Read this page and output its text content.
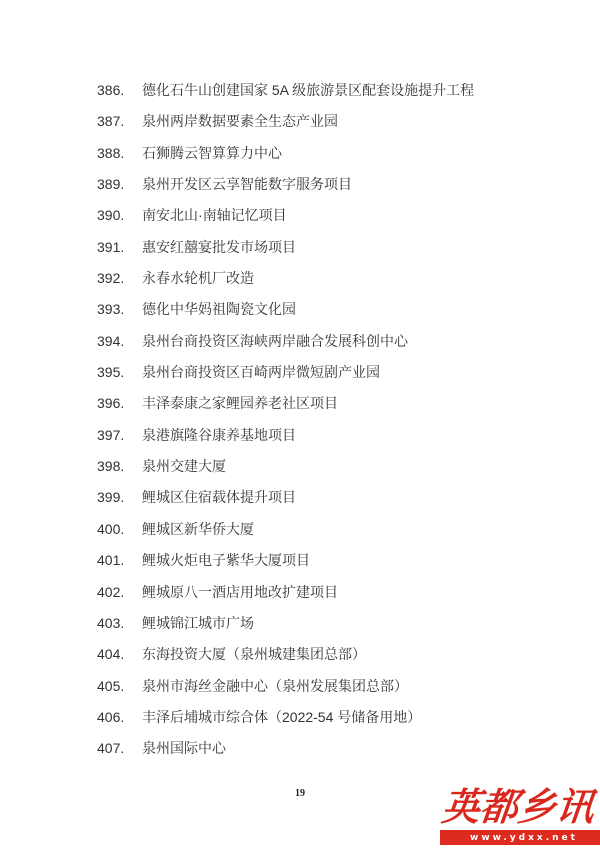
386.	德化石牛山创建国家 5A 级旅游景区配套设施提升工程
387.	泉州两岸数据要素全生态产业园
388.	石狮腾云智算算力中心
389.	泉州开发区云享智能数字服务项目
390.	南安北山·南轴记忆项目
391.	惠安红囍宴批发市场项目
392.	永春水轮机厂改造
393.	德化中华妈祖陶瓷文化园
394.	泉州台商投资区海峡两岸融合发展科创中心
395.	泉州台商投资区百崎两岸微短剧产业园
396.	丰泽泰康之家鲤园养老社区项目
397.	泉港旗隆谷康养基地项目
398.	泉州交建大厦
399.	鲤城区住宿载体提升项目
400.	鲤城区新华侨大厦
401.	鲤城火炬电子紫华大厦项目
402.	鲤城原八一酒店用地改扩建项目
403.	鲤城锦江城市广场
404.	东海投资大厦（泉州城建集团总部）
405.	泉州市海丝金融中心（泉州发展集团总部）
406.	丰泽后埔城市综合体（2022-54 号储备用地）
407.	泉州国际中心
19	英都乡讯
www.ydxx.net
